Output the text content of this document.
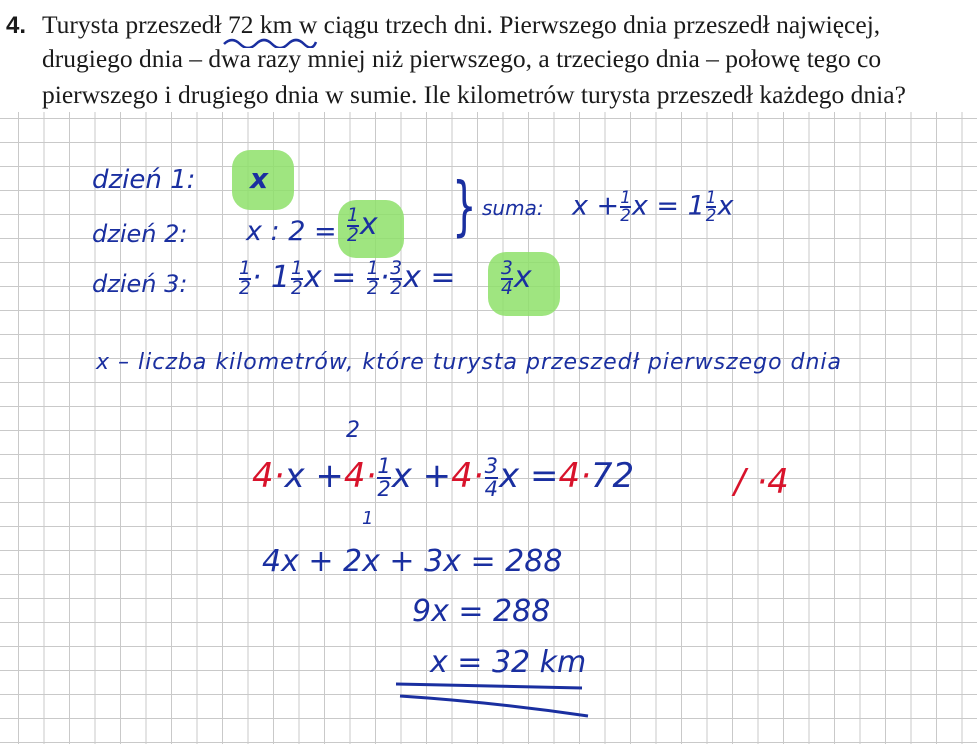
4. Turysta przeszedł 72 km w ciągu trzech dni. Pierwszego dnia przeszedł najwięcej,
drugiego dnia – dwa razy mniej niż pierwszego, a trzeciego dnia – połowę tego co
pierwszego i drugiego dnia w sumie. Ile kilometrów turysta przeszedł każdego dnia?
dzień 1: x
dzień 2: x : $2 = \frac{1}{2}$ x
dzień 3:	$\frac{1}{2} \cdot 1 \frac{1}{2}$ $x = \frac{1}{2} \cdot \frac{3}{2}$ $x = \frac{3}{4}$ x
} suma: $x + \frac{1}{2}$ $x = 1 \frac{1}{2}$ x
x – liczba kilometrów, które turysta przeszedł pierwszego dnia
2
1
$4\cdot x +4\cdot \frac{1}{2}$ $x +4\cdot \frac{3}{4}$ x =4·72	/ ·4
4x + 2x + 3x = 288
9x = 288
x = 32 km
